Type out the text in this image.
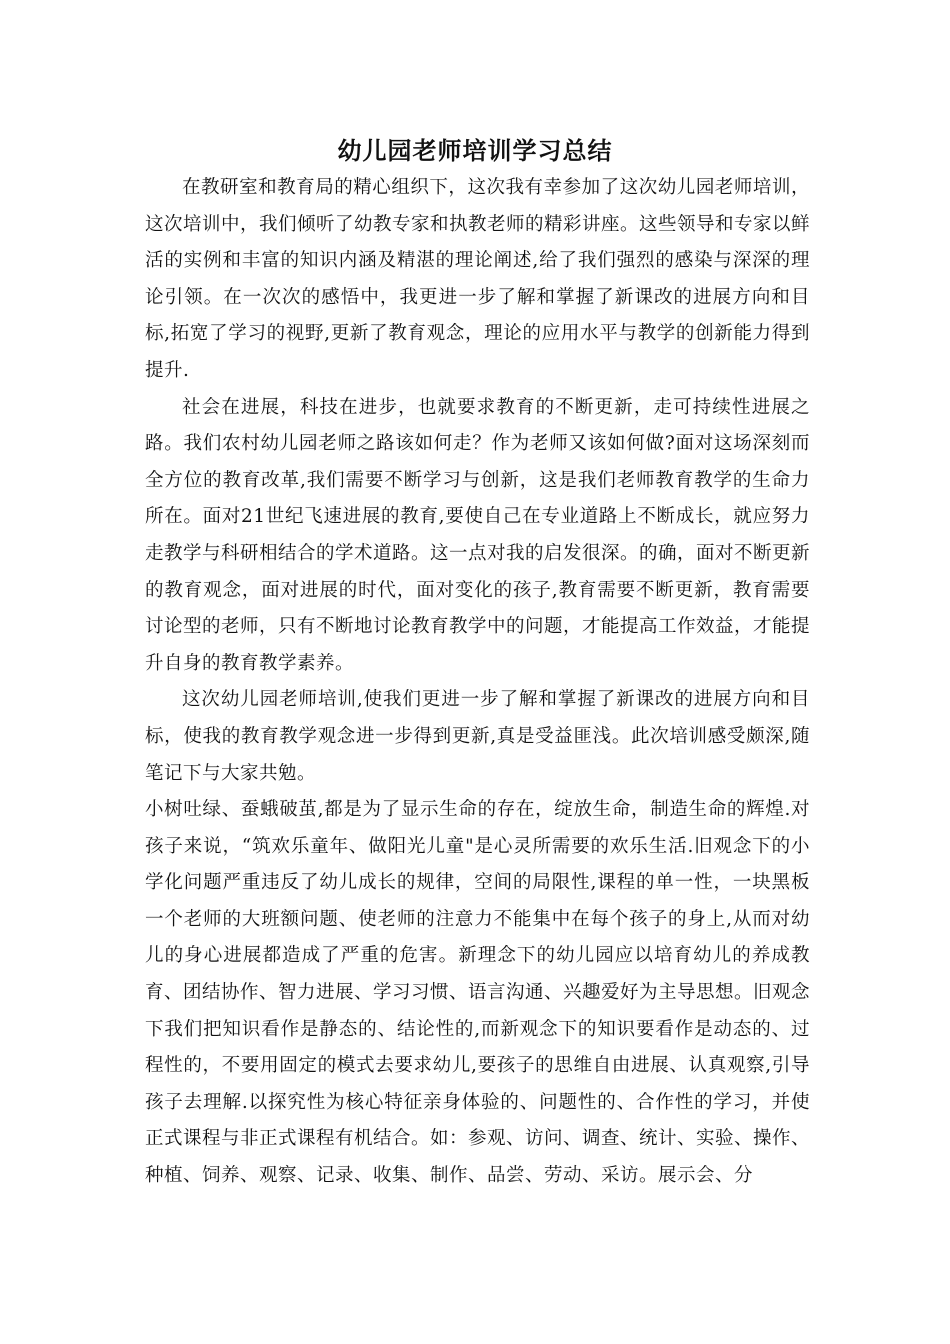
幼儿园老师培训学习总结

在教研室和教育局的精心组织下，这次我有幸参加了这次幼儿园老师培训，这次培训中，我们倾听了幼教专家和执教老师的精彩讲座。这些领导和专家以鲜活的实例和丰富的知识内涵及精湛的理论阐述,给了我们强烈的感染与深深的理论引领。在一次次的感悟中，我更进一步了解和掌握了新课改的进展方向和目标,拓宽了学习的视野,更新了教育观念，理论的应用水平与教学的创新能力得到提升.

社会在进展，科技在进步，也就要求教育的不断更新，走可持续性进展之路。我们农村幼儿园老师之路该如何走？作为老师又该如何做?面对这场深刻而全方位的教育改革,我们需要不断学习与创新，这是我们老师教育教学的生命力所在。面对21世纪飞速进展的教育,要使自己在专业道路上不断成长，就应努力走教学与科研相结合的学术道路。这一点对我的启发很深。的确，面对不断更新的教育观念，面对进展的时代，面对变化的孩子,教育需要不断更新，教育需要讨论型的老师，只有不断地讨论教育教学中的问题，才能提高工作效益，才能提升自身的教育教学素养。

这次幼儿园老师培训,使我们更进一步了解和掌握了新课改的进展方向和目标，使我的教育教学观念进一步得到更新,真是受益匪浅。此次培训感受颇深,随笔记下与大家共勉。

小树吐绿、蚕蛾破茧,都是为了显示生命的存在，绽放生命，制造生命的辉煌.对孩子来说，“筑欢乐童年、做阳光儿童"是心灵所需要的欢乐生活.旧观念下的小学化问题严重违反了幼儿成长的规律，空间的局限性,课程的单一性，一块黑板一个老师的大班额问题、使老师的注意力不能集中在每个孩子的身上,从而对幼儿的身心进展都造成了严重的危害。新理念下的幼儿园应以培育幼儿的养成教育、团结协作、智力进展、学习习惯、语言沟通、兴趣爱好为主导思想。旧观念下我们把知识看作是静态的、结论性的,而新观念下的知识要看作是动态的、过程性的，不要用固定的模式去要求幼儿,要孩子的思维自由进展、认真观察,引导孩子去理解.以探究性为核心特征亲身体验的、问题性的、合作性的学习，并使正式课程与非正式课程有机结合。如：参观、访问、调查、统计、实验、操作、种植、饲养、观察、记录、收集、制作、品尝、劳动、采访。展示会、分
